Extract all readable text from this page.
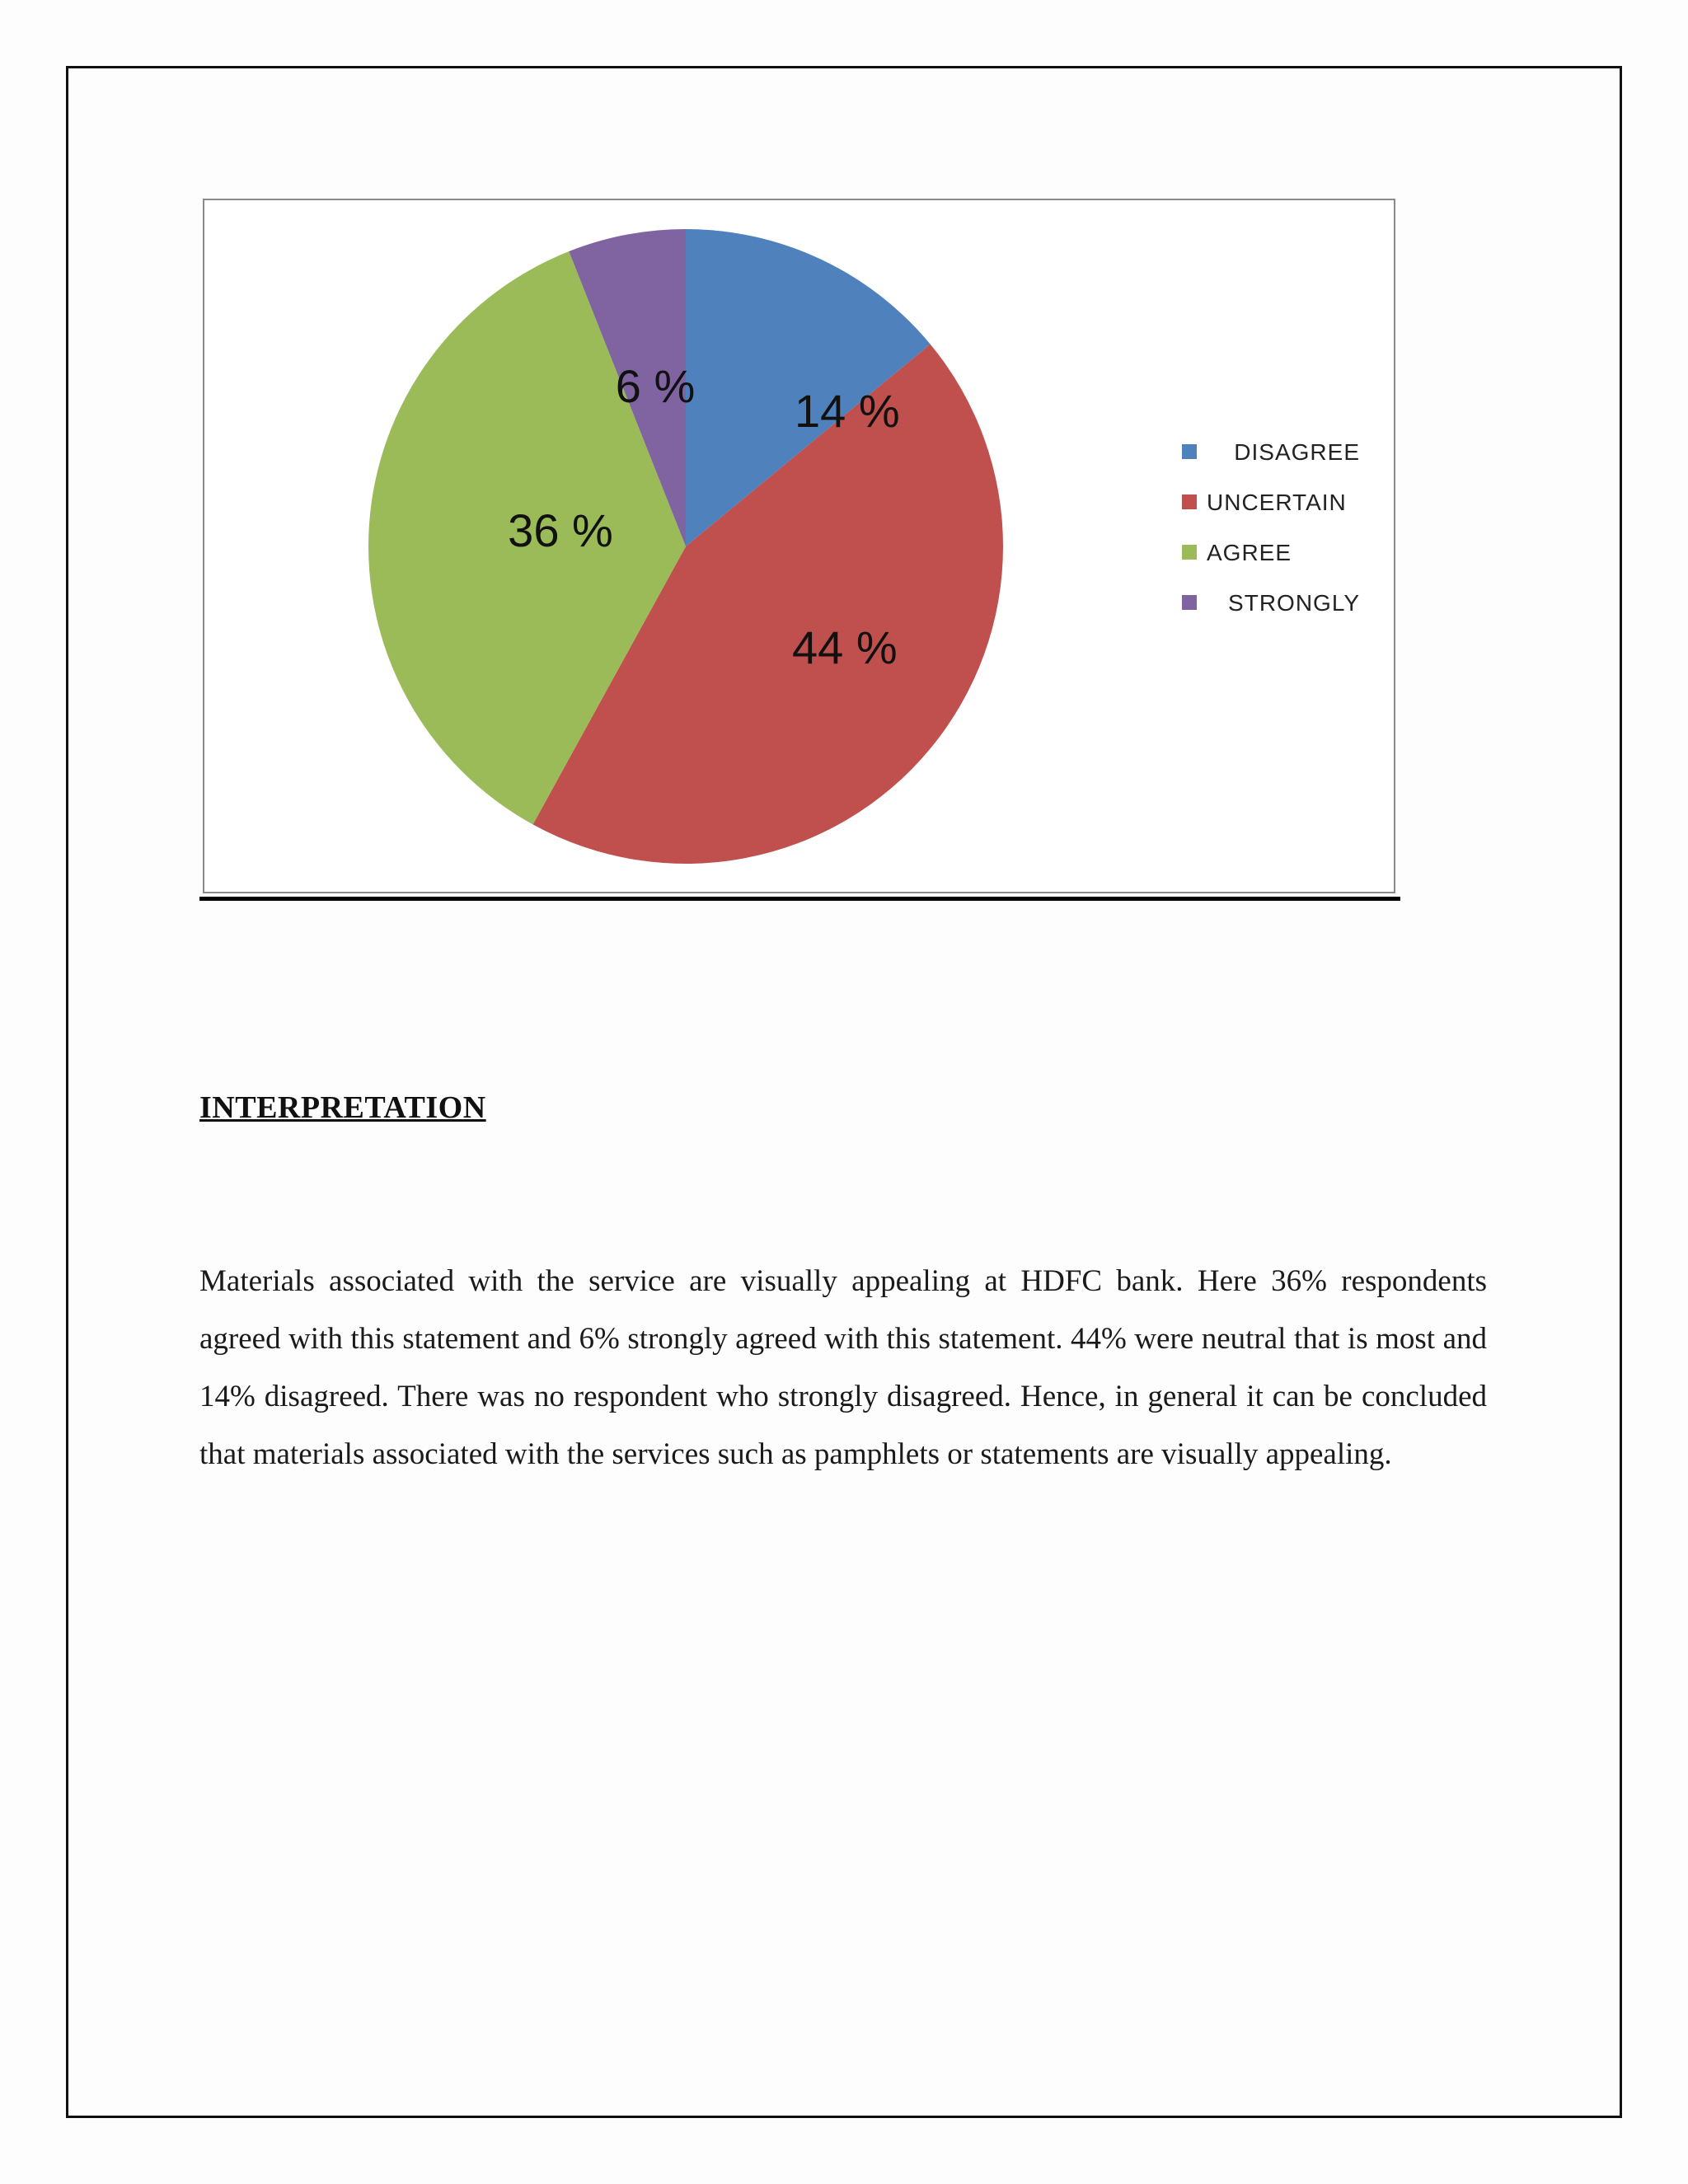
14 %
44 %
36 %
6 %
DISAGREE
UNCERTAIN
AGREE
STRONGLY
INTERPRETATION
Materials associated with the service are visually appealing at HDFC bank. Here 36% respondents agreed with this statement and 6% strongly agreed with this statement. 44% were neutral that is most and 14% disagreed. There was no respondent who strongly disagreed. Hence, in general it can be concluded that materials associated with the services such as pamphlets or statements are visually appealing.
